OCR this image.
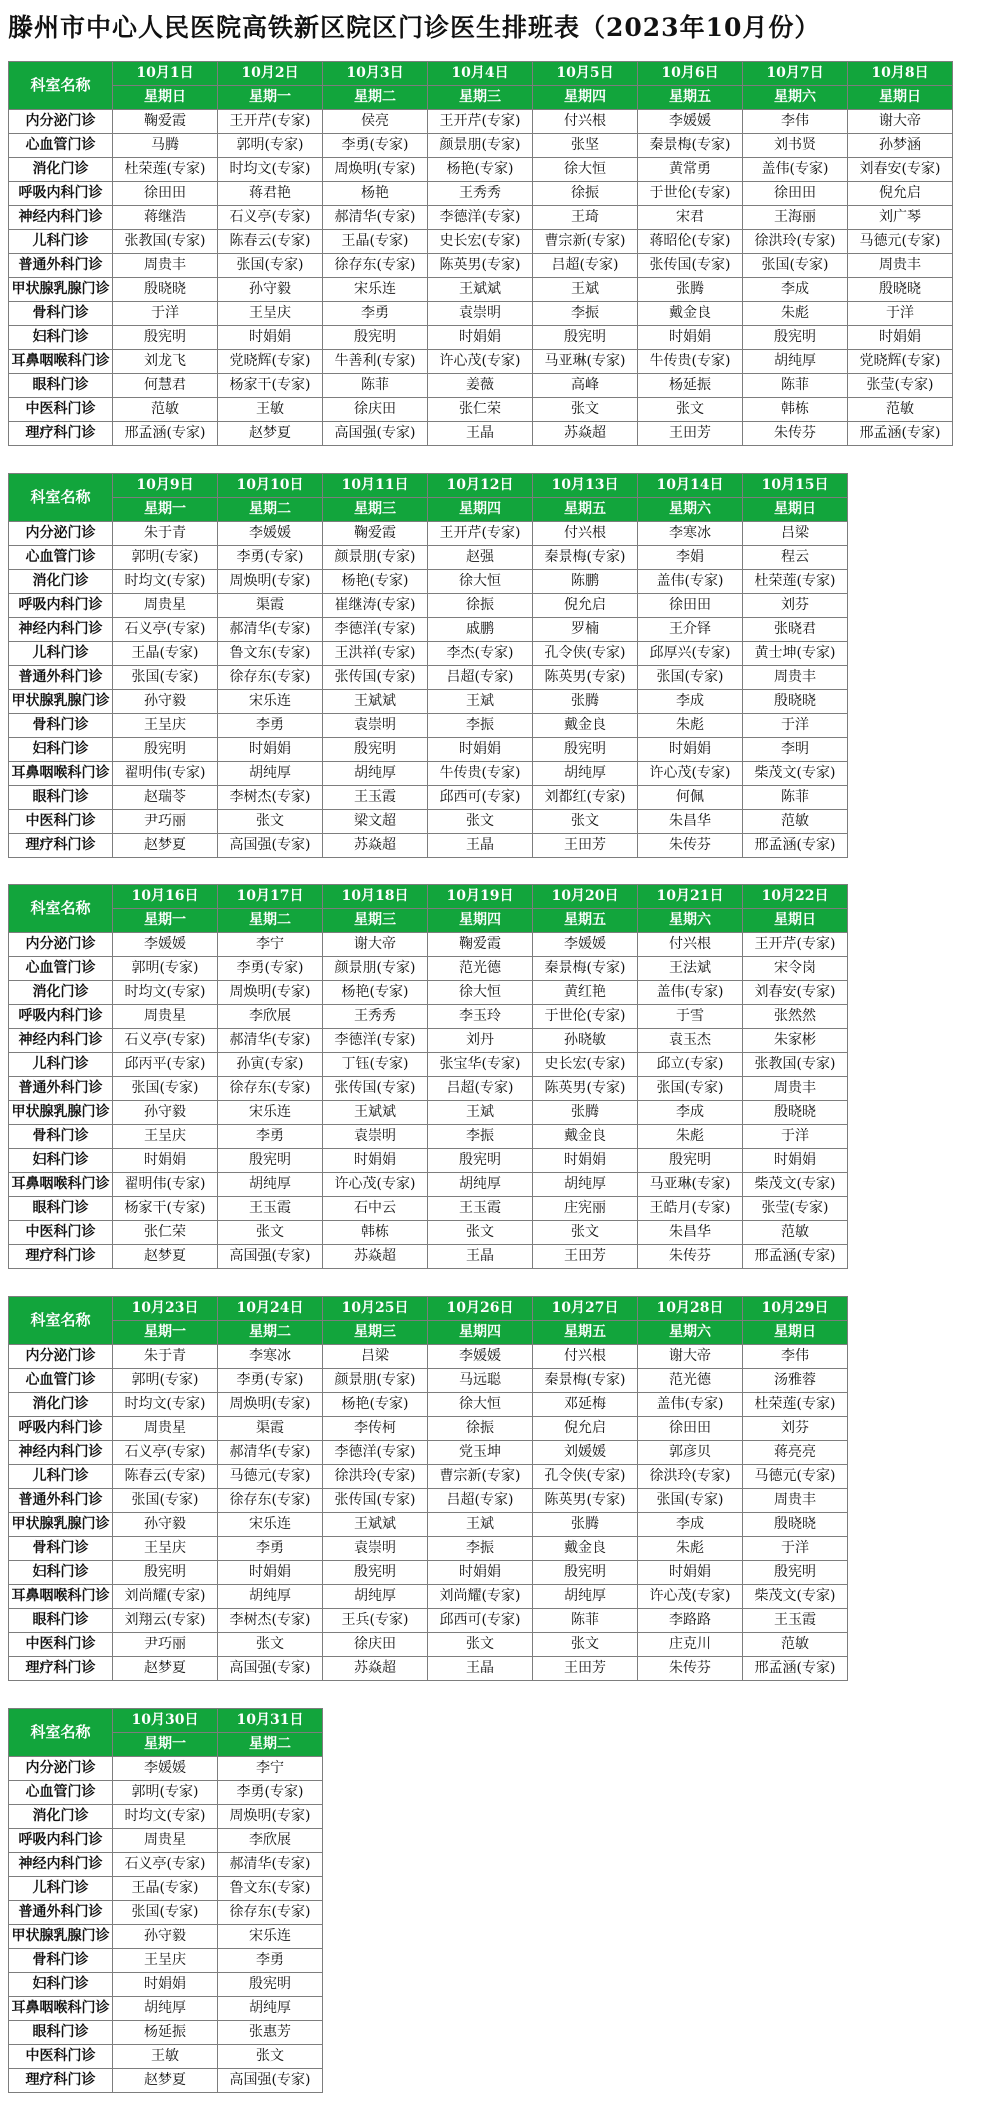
滕州市中心人民医院高铁新区院区门诊医生排班表（2023年10月份）
科室名称	10月1日	10月2日	10月3日	10月4日	10月5日	10月6日	10月7日	10月8日
	星期日	星期一	星期二	星期三	星期四	星期五	星期六	星期日
内分泌门诊	鞠爱霞	王开芹(专家)	侯亮	王开芹(专家)	付兴根	李媛媛	李伟	谢大帝
心血管门诊	马腾	郭明(专家)	李勇(专家)	颜景朋(专家)	张坚	秦景梅(专家)	刘书贤	孙梦涵
消化门诊	杜荣莲(专家)	时均文(专家)	周焕明(专家)	杨艳(专家)	徐大恒	黄常勇	盖伟(专家)	刘春安(专家)
呼吸内科门诊	徐田田	蒋君艳	杨艳	王秀秀	徐振	于世伦(专家)	徐田田	倪允启
神经内科门诊	蒋继浩	石义亭(专家)	郝清华(专家)	李德洋(专家)	王琦	宋君	王海丽	刘广琴
儿科门诊	张教国(专家)	陈春云(专家)	王晶(专家)	史长宏(专家)	曹宗新(专家)	蒋昭伦(专家)	徐洪玲(专家)	马德元(专家)
普通外科门诊	周贵丰	张国(专家)	徐存东(专家)	陈英男(专家)	吕超(专家)	张传国(专家)	张国(专家)	周贵丰
甲状腺乳腺门诊	殷晓晓	孙守毅	宋乐连	王斌斌	王斌	张腾	李成	殷晓晓
骨科门诊	于洋	王呈庆	李勇	袁崇明	李振	戴金良	朱彪	于洋
妇科门诊	殷宪明	时娟娟	殷宪明	时娟娟	殷宪明	时娟娟	殷宪明	时娟娟
耳鼻咽喉科门诊	刘龙飞	党晓辉(专家)	牛善利(专家)	许心茂(专家)	马亚琳(专家)	牛传贵(专家)	胡纯厚	党晓辉(专家)
眼科门诊	何慧君	杨家干(专家)	陈菲	姜薇	高峰	杨延振	陈菲	张莹(专家)
中医科门诊	范敏	王敏	徐庆田	张仁荣	张文	张文	韩栋	范敏
理疗科门诊	邢孟涵(专家)	赵梦夏	高国强(专家)	王晶	苏焱超	王田芳	朱传芬	邢孟涵(专家)
科室名称	10月9日	10月10日	10月11日	10月12日	10月13日	10月14日	10月15日
	星期一	星期二	星期三	星期四	星期五	星期六	星期日
内分泌门诊	朱于青	李媛媛	鞠爱霞	王开芹(专家)	付兴根	李寒冰	吕梁
心血管门诊	郭明(专家)	李勇(专家)	颜景朋(专家)	赵强	秦景梅(专家)	李娟	程云
消化门诊	时均文(专家)	周焕明(专家)	杨艳(专家)	徐大恒	陈鹏	盖伟(专家)	杜荣莲(专家)
呼吸内科门诊	周贵星	渠霞	崔继涛(专家)	徐振	倪允启	徐田田	刘芬
神经内科门诊	石义亭(专家)	郝清华(专家)	李德洋(专家)	戚鹏	罗楠	王介铎	张晓君
儿科门诊	王晶(专家)	鲁文东(专家)	王洪祥(专家)	李杰(专家)	孔令侠(专家)	邱厚兴(专家)	黄士坤(专家)
普通外科门诊	张国(专家)	徐存东(专家)	张传国(专家)	吕超(专家)	陈英男(专家)	张国(专家)	周贵丰
甲状腺乳腺门诊	孙守毅	宋乐连	王斌斌	王斌	张腾	李成	殷晓晓
骨科门诊	王呈庆	李勇	袁崇明	李振	戴金良	朱彪	于洋
妇科门诊	殷宪明	时娟娟	殷宪明	时娟娟	殷宪明	时娟娟	李明
耳鼻咽喉科门诊	翟明伟(专家)	胡纯厚	胡纯厚	牛传贵(专家)	胡纯厚	许心茂(专家)	柴茂文(专家)
眼科门诊	赵瑞苓	李树杰(专家)	王玉霞	邱西可(专家)	刘都红(专家)	何佩	陈菲
中医科门诊	尹巧丽	张文	梁文超	张文	张文	朱昌华	范敏
理疗科门诊	赵梦夏	高国强(专家)	苏焱超	王晶	王田芳	朱传芬	邢孟涵(专家)
科室名称	10月16日	10月17日	10月18日	10月19日	10月20日	10月21日	10月22日
	星期一	星期二	星期三	星期四	星期五	星期六	星期日
内分泌门诊	李媛媛	李宁	谢大帝	鞠爱霞	李媛媛	付兴根	王开芹(专家)
心血管门诊	郭明(专家)	李勇(专家)	颜景朋(专家)	范光德	秦景梅(专家)	王法斌	宋令岗
消化门诊	时均文(专家)	周焕明(专家)	杨艳(专家)	徐大恒	黄红艳	盖伟(专家)	刘春安(专家)
呼吸内科门诊	周贵星	李欣展	王秀秀	李玉玲	于世伦(专家)	于雪	张然然
神经内科门诊	石义亭(专家)	郝清华(专家)	李德洋(专家)	刘丹	孙晓敏	袁玉杰	朱家彬
儿科门诊	邱丙平(专家)	孙寅(专家)	丁钰(专家)	张宝华(专家)	史长宏(专家)	邱立(专家)	张教国(专家)
普通外科门诊	张国(专家)	徐存东(专家)	张传国(专家)	吕超(专家)	陈英男(专家)	张国(专家)	周贵丰
甲状腺乳腺门诊	孙守毅	宋乐连	王斌斌	王斌	张腾	李成	殷晓晓
骨科门诊	王呈庆	李勇	袁崇明	李振	戴金良	朱彪	于洋
妇科门诊	时娟娟	殷宪明	时娟娟	殷宪明	时娟娟	殷宪明	时娟娟
耳鼻咽喉科门诊	翟明伟(专家)	胡纯厚	许心茂(专家)	胡纯厚	胡纯厚	马亚琳(专家)	柴茂文(专家)
眼科门诊	杨家干(专家)	王玉霞	石中云	王玉霞	庄宪丽	王皓月(专家)	张莹(专家)
中医科门诊	张仁荣	张文	韩栋	张文	张文	朱昌华	范敏
理疗科门诊	赵梦夏	高国强(专家)	苏焱超	王晶	王田芳	朱传芬	邢孟涵(专家)
科室名称	10月23日	10月24日	10月25日	10月26日	10月27日	10月28日	10月29日
	星期一	星期二	星期三	星期四	星期五	星期六	星期日
内分泌门诊	朱于青	李寒冰	吕梁	李媛媛	付兴根	谢大帝	李伟
心血管门诊	郭明(专家)	李勇(专家)	颜景朋(专家)	马远聪	秦景梅(专家)	范光德	汤雅蓉
消化门诊	时均文(专家)	周焕明(专家)	杨艳(专家)	徐大恒	邓延梅	盖伟(专家)	杜荣莲(专家)
呼吸内科门诊	周贵星	渠霞	李传柯	徐振	倪允启	徐田田	刘芬
神经内科门诊	石义亭(专家)	郝清华(专家)	李德洋(专家)	党玉坤	刘媛媛	郭彦贝	蒋亮亮
儿科门诊	陈春云(专家)	马德元(专家)	徐洪玲(专家)	曹宗新(专家)	孔令侠(专家)	徐洪玲(专家)	马德元(专家)
普通外科门诊	张国(专家)	徐存东(专家)	张传国(专家)	吕超(专家)	陈英男(专家)	张国(专家)	周贵丰
甲状腺乳腺门诊	孙守毅	宋乐连	王斌斌	王斌	张腾	李成	殷晓晓
骨科门诊	王呈庆	李勇	袁崇明	李振	戴金良	朱彪	于洋
妇科门诊	殷宪明	时娟娟	殷宪明	时娟娟	殷宪明	时娟娟	殷宪明
耳鼻咽喉科门诊	刘尚耀(专家)	胡纯厚	胡纯厚	刘尚耀(专家)	胡纯厚	许心茂(专家)	柴茂文(专家)
眼科门诊	刘翔云(专家)	李树杰(专家)	王兵(专家)	邱西可(专家)	陈菲	李路路	王玉霞
中医科门诊	尹巧丽	张文	徐庆田	张文	张文	庄克川	范敏
理疗科门诊	赵梦夏	高国强(专家)	苏焱超	王晶	王田芳	朱传芬	邢孟涵(专家)
科室名称	10月30日	10月31日
	星期一	星期二
内分泌门诊	李媛媛	李宁
心血管门诊	郭明(专家)	李勇(专家)
消化门诊	时均文(专家)	周焕明(专家)
呼吸内科门诊	周贵星	李欣展
神经内科门诊	石义亭(专家)	郝清华(专家)
儿科门诊	王晶(专家)	鲁文东(专家)
普通外科门诊	张国(专家)	徐存东(专家)
甲状腺乳腺门诊	孙守毅	宋乐连
骨科门诊	王呈庆	李勇
妇科门诊	时娟娟	殷宪明
耳鼻咽喉科门诊	胡纯厚	胡纯厚
眼科门诊	杨延振	张惠芳
中医科门诊	王敏	张文
理疗科门诊	赵梦夏	高国强(专家)
